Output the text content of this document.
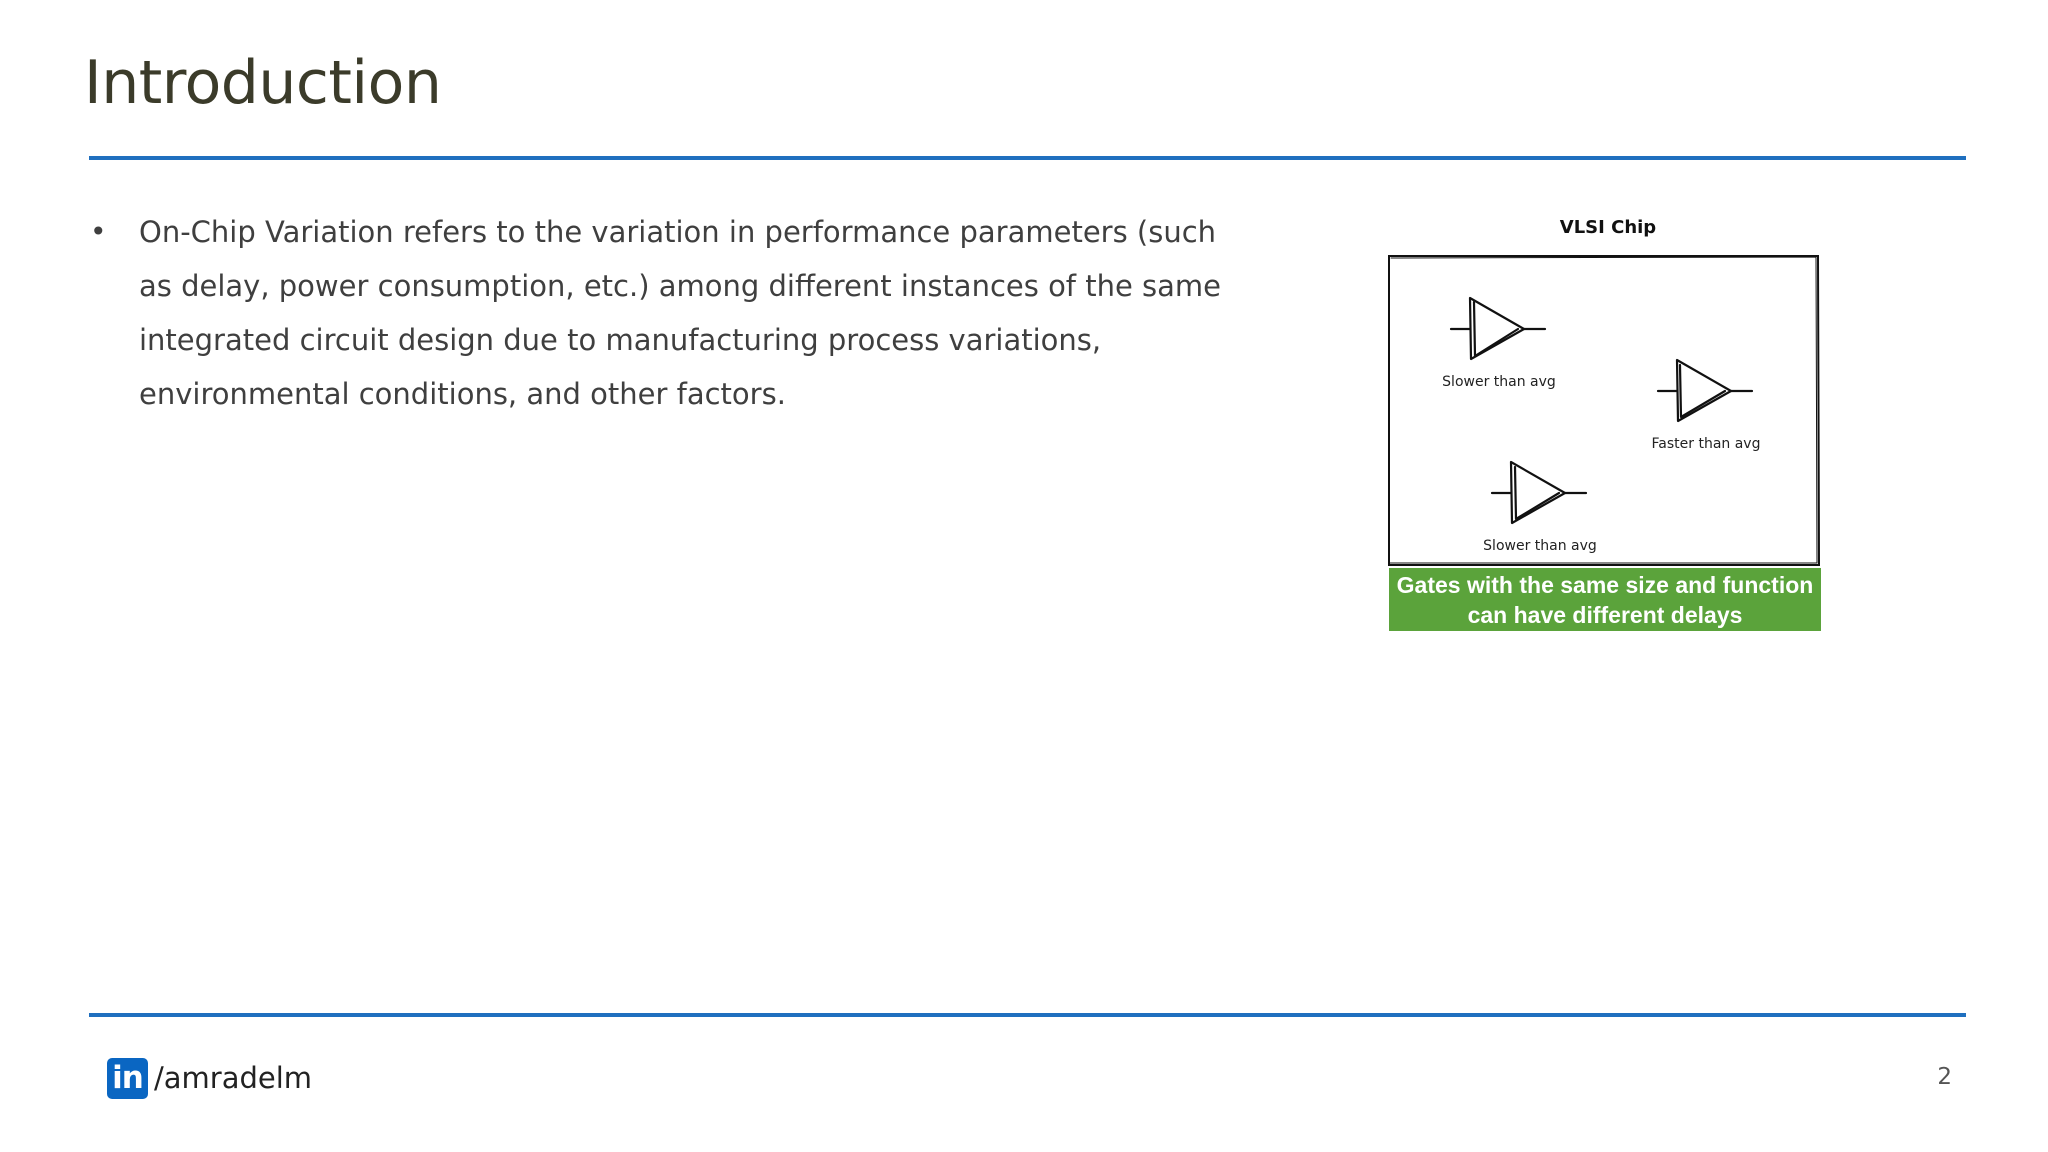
Introduction
• On-Chip Variation refers to the variation in performance parameters (such as delay, power consumption, etc.) among different instances of the same integrated circuit design due to manufacturing process variations, environmental conditions, and other factors.
VLSI Chip
Slower than avg
Faster than avg
Slower than avg
Gates with the same size and function can have different delays
in /amradelm	2
